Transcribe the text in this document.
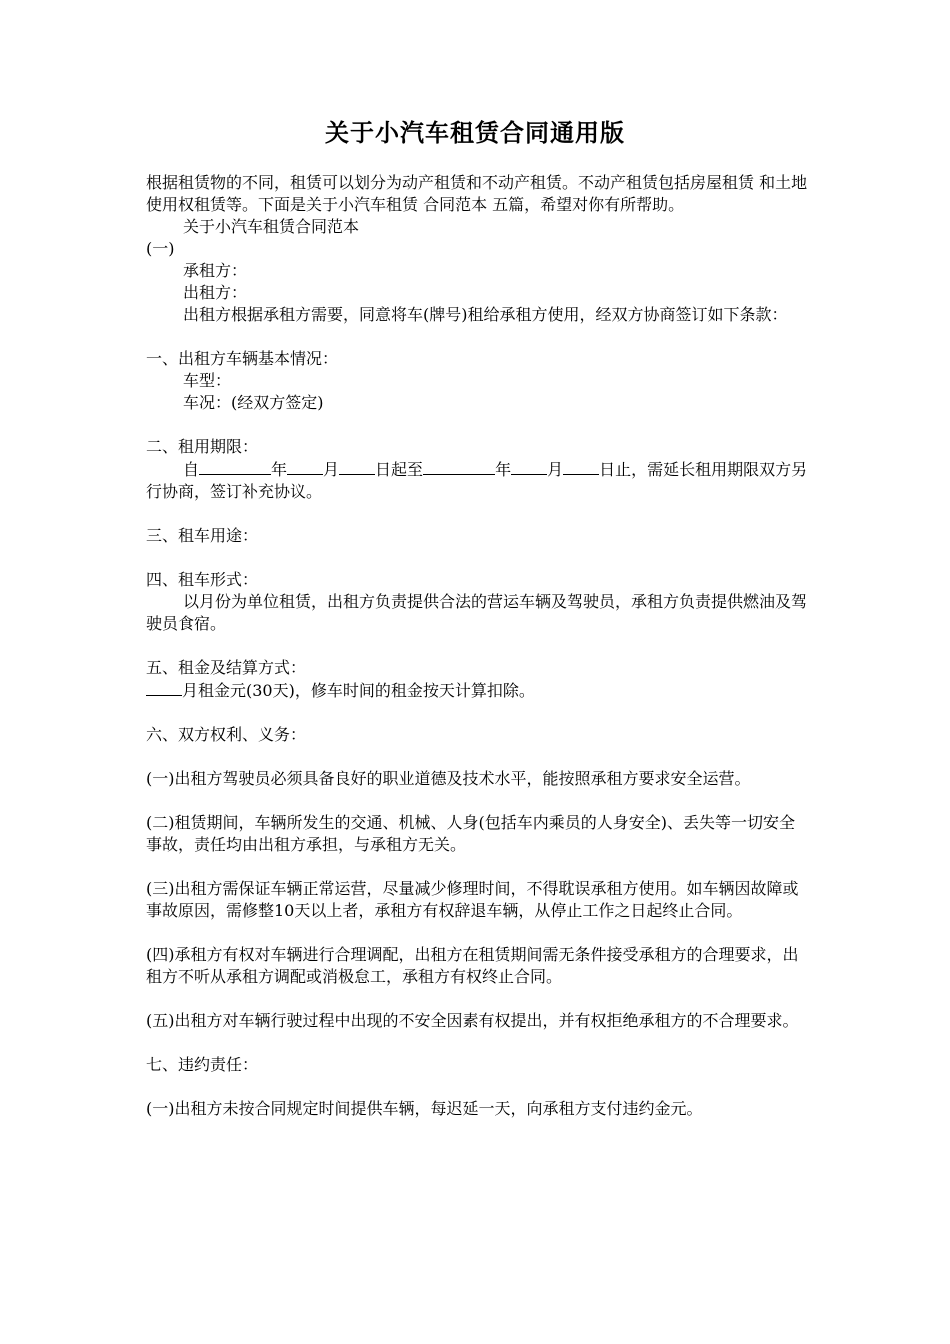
关于小汽车租赁合同通用版

根据租赁物的不同，租赁可以划分为动产租赁和不动产租赁。不动产租赁包括房屋租赁 和土地使用权租赁等。下面是关于小汽车租赁 合同范本 五篇，希望对你有所帮助。

关于小汽车租赁合同范本

(一)

承租方：

出租方：

出租方根据承租方需要，同意将车(牌号)租给承租方使用，经双方协商签订如下条款：

一、出租方车辆基本情况：

车型：

车况：(经双方签定)

二、租用期限：

自	年 月 日起至	年 月 日止，需延长租用期限双方另行协商，签订补充协议。

三、租车用途：

四、租车形式：

以月份为单位租赁，出租方负责提供合法的营运车辆及驾驶员，承租方负责提供燃油及驾驶员食宿。

五、租金及结算方式：

月租金元(30天)，修车时间的租金按天计算扣除。

六、双方权利、义务：

(一)出租方驾驶员必须具备良好的职业道德及技术水平，能按照承租方要求安全运营。

(二)租赁期间，车辆所发生的交通、机械、人身(包括车内乘员的人身安全)、丢失等一切安全事故，责任均由出租方承担，与承租方无关。

(三)出租方需保证车辆正常运营，尽量减少修理时间，不得耽误承租方使用。如车辆因故障或事故原因，需修整10天以上者，承租方有权辞退车辆，从停止工作之日起终止合同。

(四)承租方有权对车辆进行合理调配，出租方在租赁期间需无条件接受承租方的合理要求，出租方不听从承租方调配或消极怠工，承租方有权终止合同。

(五)出租方对车辆行驶过程中出现的不安全因素有权提出，并有权拒绝承租方的不合理要求。

七、违约责任：

(一)出租方未按合同规定时间提供车辆，每迟延一天，向承租方支付违约金元。
